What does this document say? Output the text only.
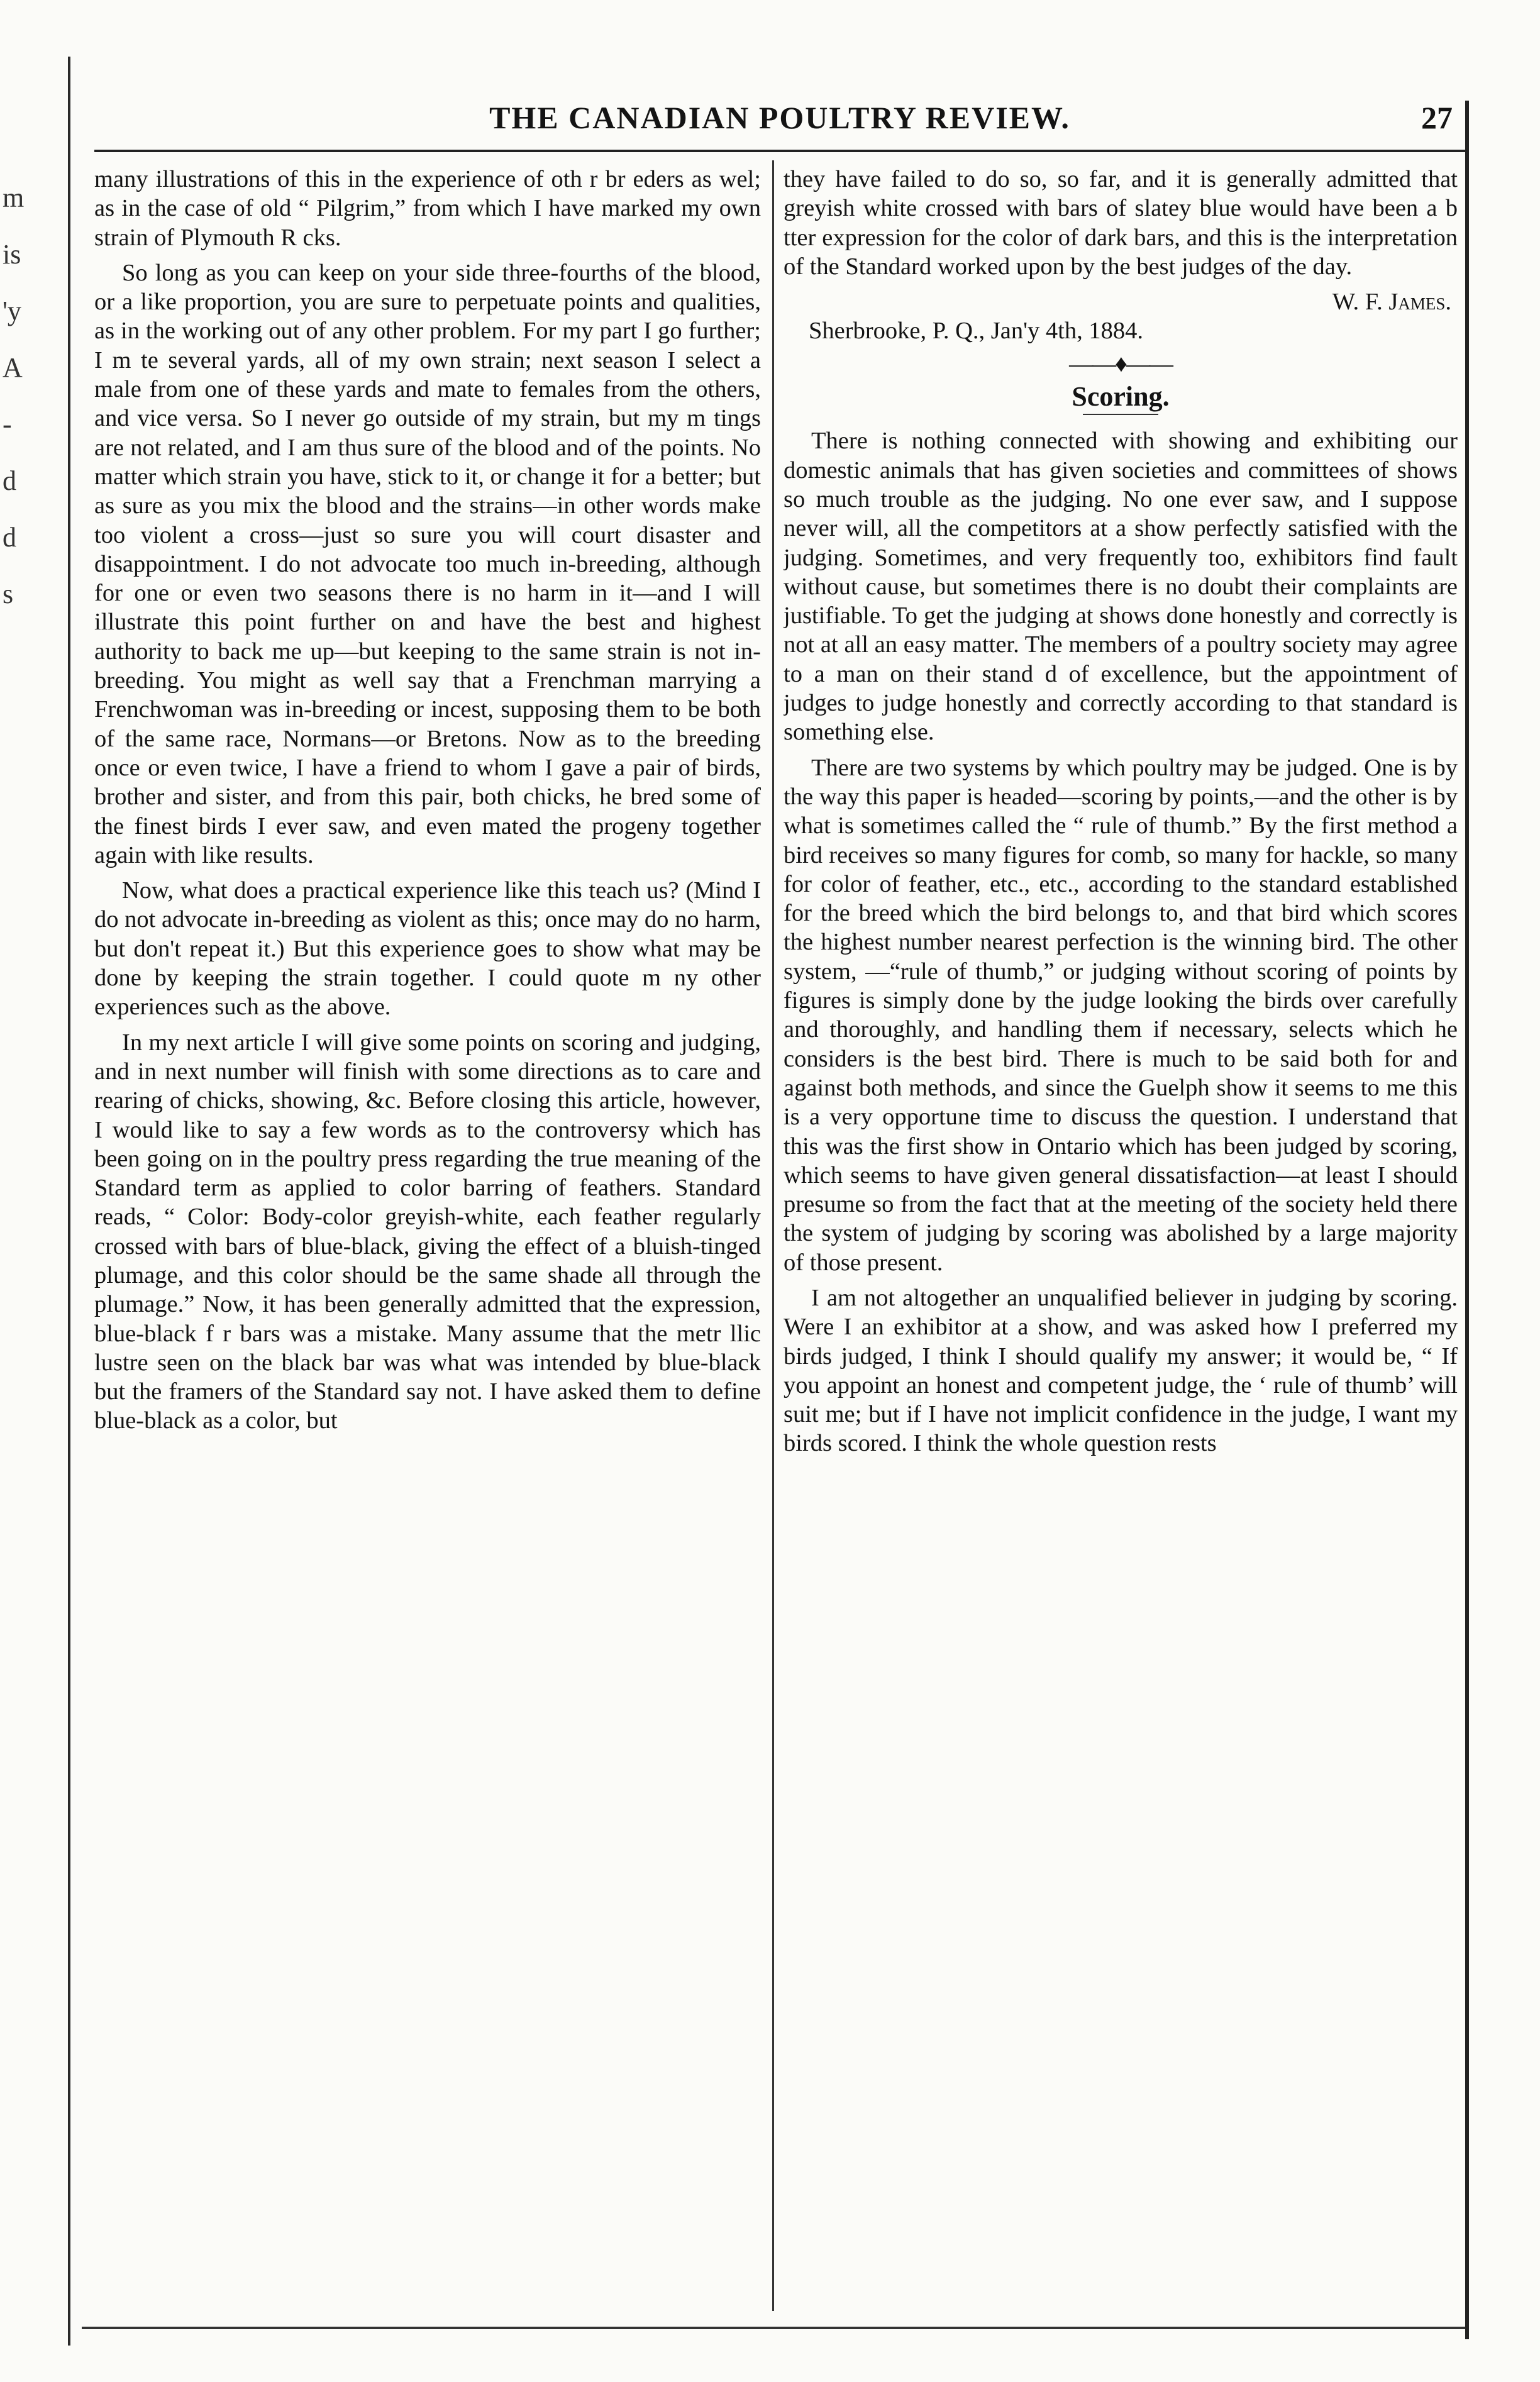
m
is
'y
A
-
d
d
s
THE CANADIAN POULTRY REVIEW.	27

many illustrations of this in the experience of oth r br eders as wel; as in the case of old “ Pilgrim,” from which I have marked my own strain of Plymouth R cks.

So long as you can keep on your side three-fourths of the blood, or a like proportion, you are sure to perpetuate points and qualities, as in the working out of any other problem. For my part I go further; I m te several yards, all of my own strain; next season I select a male from one of these yards and mate to females from the others, and vice versa. So I never go outside of my strain, but my m tings are not related, and I am thus sure of the blood and of the points. No matter which strain you have, stick to it, or change it for a better; but as sure as you mix the blood and the strains—in other words make too violent a cross—just so sure you will court disaster and disappointment. I do not advocate too much in-breeding, although for one or even two seasons there is no harm in it—and I will illustrate this point further on and have the best and highest authority to back me up—but keeping to the same strain is not in-breeding. You might as well say that a Frenchman marrying a Frenchwoman was in-breeding or incest, supposing them to be both of the same race, Normans—or Bretons. Now as to the breeding once or even twice, I have a friend to whom I gave a pair of birds, brother and sister, and from this pair, both chicks, he bred some of the finest birds I ever saw, and even mated the progeny together again with like results.

Now, what does a practical experience like this teach us? (Mind I do not advocate in-breeding as violent as this; once may do no harm, but don't repeat it.) But this experience goes to show what may be done by keeping the strain together. I could quote m ny other experiences such as the above.

In my next article I will give some points on scoring and judging, and in next number will finish with some directions as to care and rearing of chicks, showing, &c. Before closing this article, however, I would like to say a few words as to the controversy which has been going on in the poultry press regarding the true meaning of the Standard term as applied to color barring of feathers. Standard reads, “ Color: Body-color greyish-white, each feather regularly crossed with bars of blue-black, giving the effect of a bluish-tinged plumage, and this color should be the same shade all through the plumage.” Now, it has been generally admitted that the expression, blue-black f r bars was a mistake. Many assume that the metr llic lustre seen on the black bar was what was intended by blue-black but the framers of the Standard say not. I have asked them to define blue-black as a color, but

they have failed to do so, so far, and it is generally admitted that greyish white crossed with bars of slatey blue would have been a b tter expression for the color of dark bars, and this is the interpretation of the Standard worked upon by the best judges of the day.

W. F. James.
Sherbrooke, P. Q., Jan'y 4th, 1884.
——♦——
Scoring.

There is nothing connected with showing and exhibiting our domestic animals that has given societies and committees of shows so much trouble as the judging. No one ever saw, and I suppose never will, all the competitors at a show perfectly satisfied with the judging. Sometimes, and very frequently too, exhibitors find fault without cause, but sometimes there is no doubt their complaints are justifiable. To get the judging at shows done honestly and correctly is not at all an easy matter. The members of a poultry society may agree to a man on their stand d of excellence, but the appointment of judges to judge honestly and correctly according to that standard is something else.

There are two systems by which poultry may be judged. One is by the way this paper is headed—scoring by points,—and the other is by what is sometimes called the “ rule of thumb.” By the first method a bird receives so many figures for comb, so many for hackle, so many for color of feather, etc., etc., according to the standard established for the breed which the bird belongs to, and that bird which scores the highest number nearest perfection is the winning bird. The other system, —“rule of thumb,” or judging without scoring of points by figures is simply done by the judge looking the birds over carefully and thoroughly, and handling them if necessary, selects which he considers is the best bird. There is much to be said both for and against both methods, and since the Guelph show it seems to me this is a very opportune time to discuss the question. I understand that this was the first show in Ontario which has been judged by scoring, which seems to have given general dissatisfaction—at least I should presume so from the fact that at the meeting of the society held there the system of judging by scoring was abolished by a large majority of those present.

I am not altogether an unqualified believer in judging by scoring. Were I an exhibitor at a show, and was asked how I preferred my birds judged, I think I should qualify my answer; it would be, “ If you appoint an honest and competent judge, the ‘ rule of thumb’ will suit me; but if I have not implicit confidence in the judge, I want my birds scored. I think the whole question rests
